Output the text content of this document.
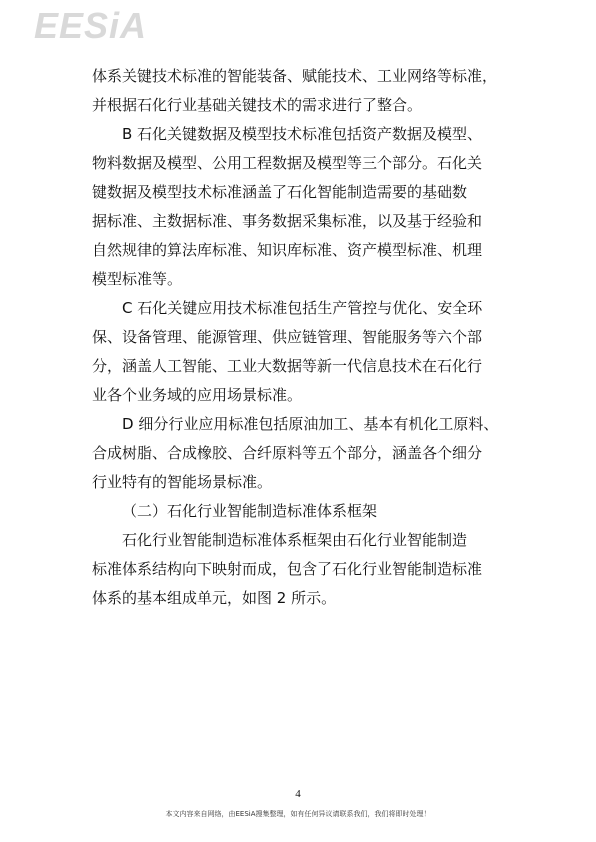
EESiA
体系关键技术标准的智能装备、赋能技术、工业网络等标准，
并根据石化行业基础关键技术的需求进行了整合。
B 石化关键数据及模型技术标准包括资产数据及模型、
物料数据及模型、公用工程数据及模型等三个部分。石化关
键数据及模型技术标准涵盖了石化智能制造需要的基础数
据标准、主数据标准、事务数据采集标准，以及基于经验和
自然规律的算法库标准、知识库标准、资产模型标准、机理
模型标准等。
C 石化关键应用技术标准包括生产管控与优化、安全环
保、设备管理、能源管理、供应链管理、智能服务等六个部
分，涵盖人工智能、工业大数据等新一代信息技术在石化行
业各个业务域的应用场景标准。
D 细分行业应用标准包括原油加工、基本有机化工原料、
合成树脂、合成橡胶、合纤原料等五个部分，涵盖各个细分
行业特有的智能场景标准。
（二）石化行业智能制造标准体系框架
石化行业智能制造标准体系框架由石化行业智能制造
标准体系结构向下映射而成，包含了石化行业智能制造标准
体系的基本组成单元，如图 2 所示。
4
本文内容来自网络，由EESiA搜集整理，如有任何异议请联系我们，我们将即时处理！
